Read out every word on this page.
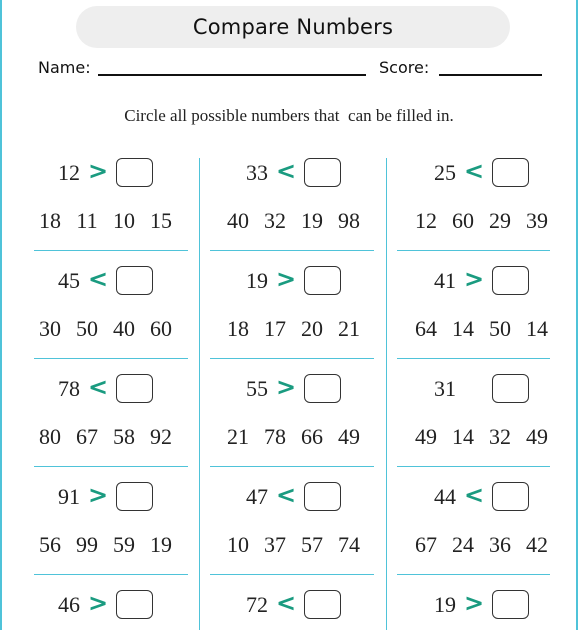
Compare Numbers
Name:	Score:
Circle all possible numbers that  can be filled in.
12 >
18 11 10 15
33 <
40 32 19 98
25 <
12 60 29 39
45 <
30 50 40 60
19 >
18 17 20 21
41 >
64 14 50 14
78 <
80 67 58 92
55 >
21 78 66 49
31
49 14 32 49
91 >
56 99 59 19
47 <
10 37 57 74
44 <
67 24 36 42
46 >	72 <	19 >
